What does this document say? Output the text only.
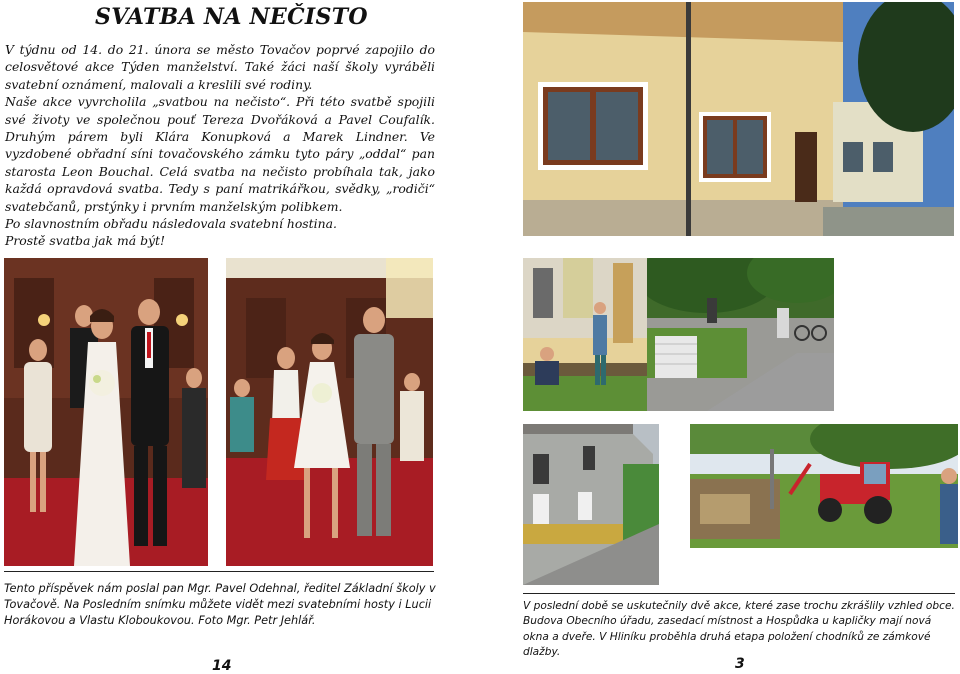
SVATBA NA NEČISTO

V týdnu od 14. do 21. února se město Tovačov poprvé zapojilo do celosvětové akce Týden manželství. Také žáci naší školy vyráběli svatební oznámení, malovali a kreslili své rodiny.

Naše akce vyvrcholila „svatbou na nečisto“. Při této svatbě spojili své životy ve společnou pouť Tereza Dvořáková a Pavel Coufalík. Druhým párem byli Klára Konupková a Marek Lindner. Ve vyzdobené obřadní síni tovačovského zámku tyto páry „oddal“ pan starosta Leon Bouchal. Celá svatba na nečisto probíhala tak, jako každá opravdová svatba. Tedy s paní matrikářkou, svědky, „rodiči“ svatebčanů, prstýnky i prvním manželským polibkem.

Po slavnostním obřadu následovala svatební hostina.

Prostě svatba jak má být!

Tento příspěvek nám poslal pan Mgr. Pavel Odehnal, ředitel Základní školy v Tovačově. Na Posledním snímku můžete vidět mezi svatebními hosty i Lucii Horákovou a Vlastu Kloboukovou. Foto Mgr. Petr Jehlář.
14
V poslední době se uskutečnily dvě akce, které zase trochu zkrášlily vzhled obce. Budova Obecního úřadu, zasedací místnost a Hospůdka u kapličky mají nová okna a dveře. V Hliníku proběhla druhá etapa položení chodníků ze zámkové dlažby.
3
